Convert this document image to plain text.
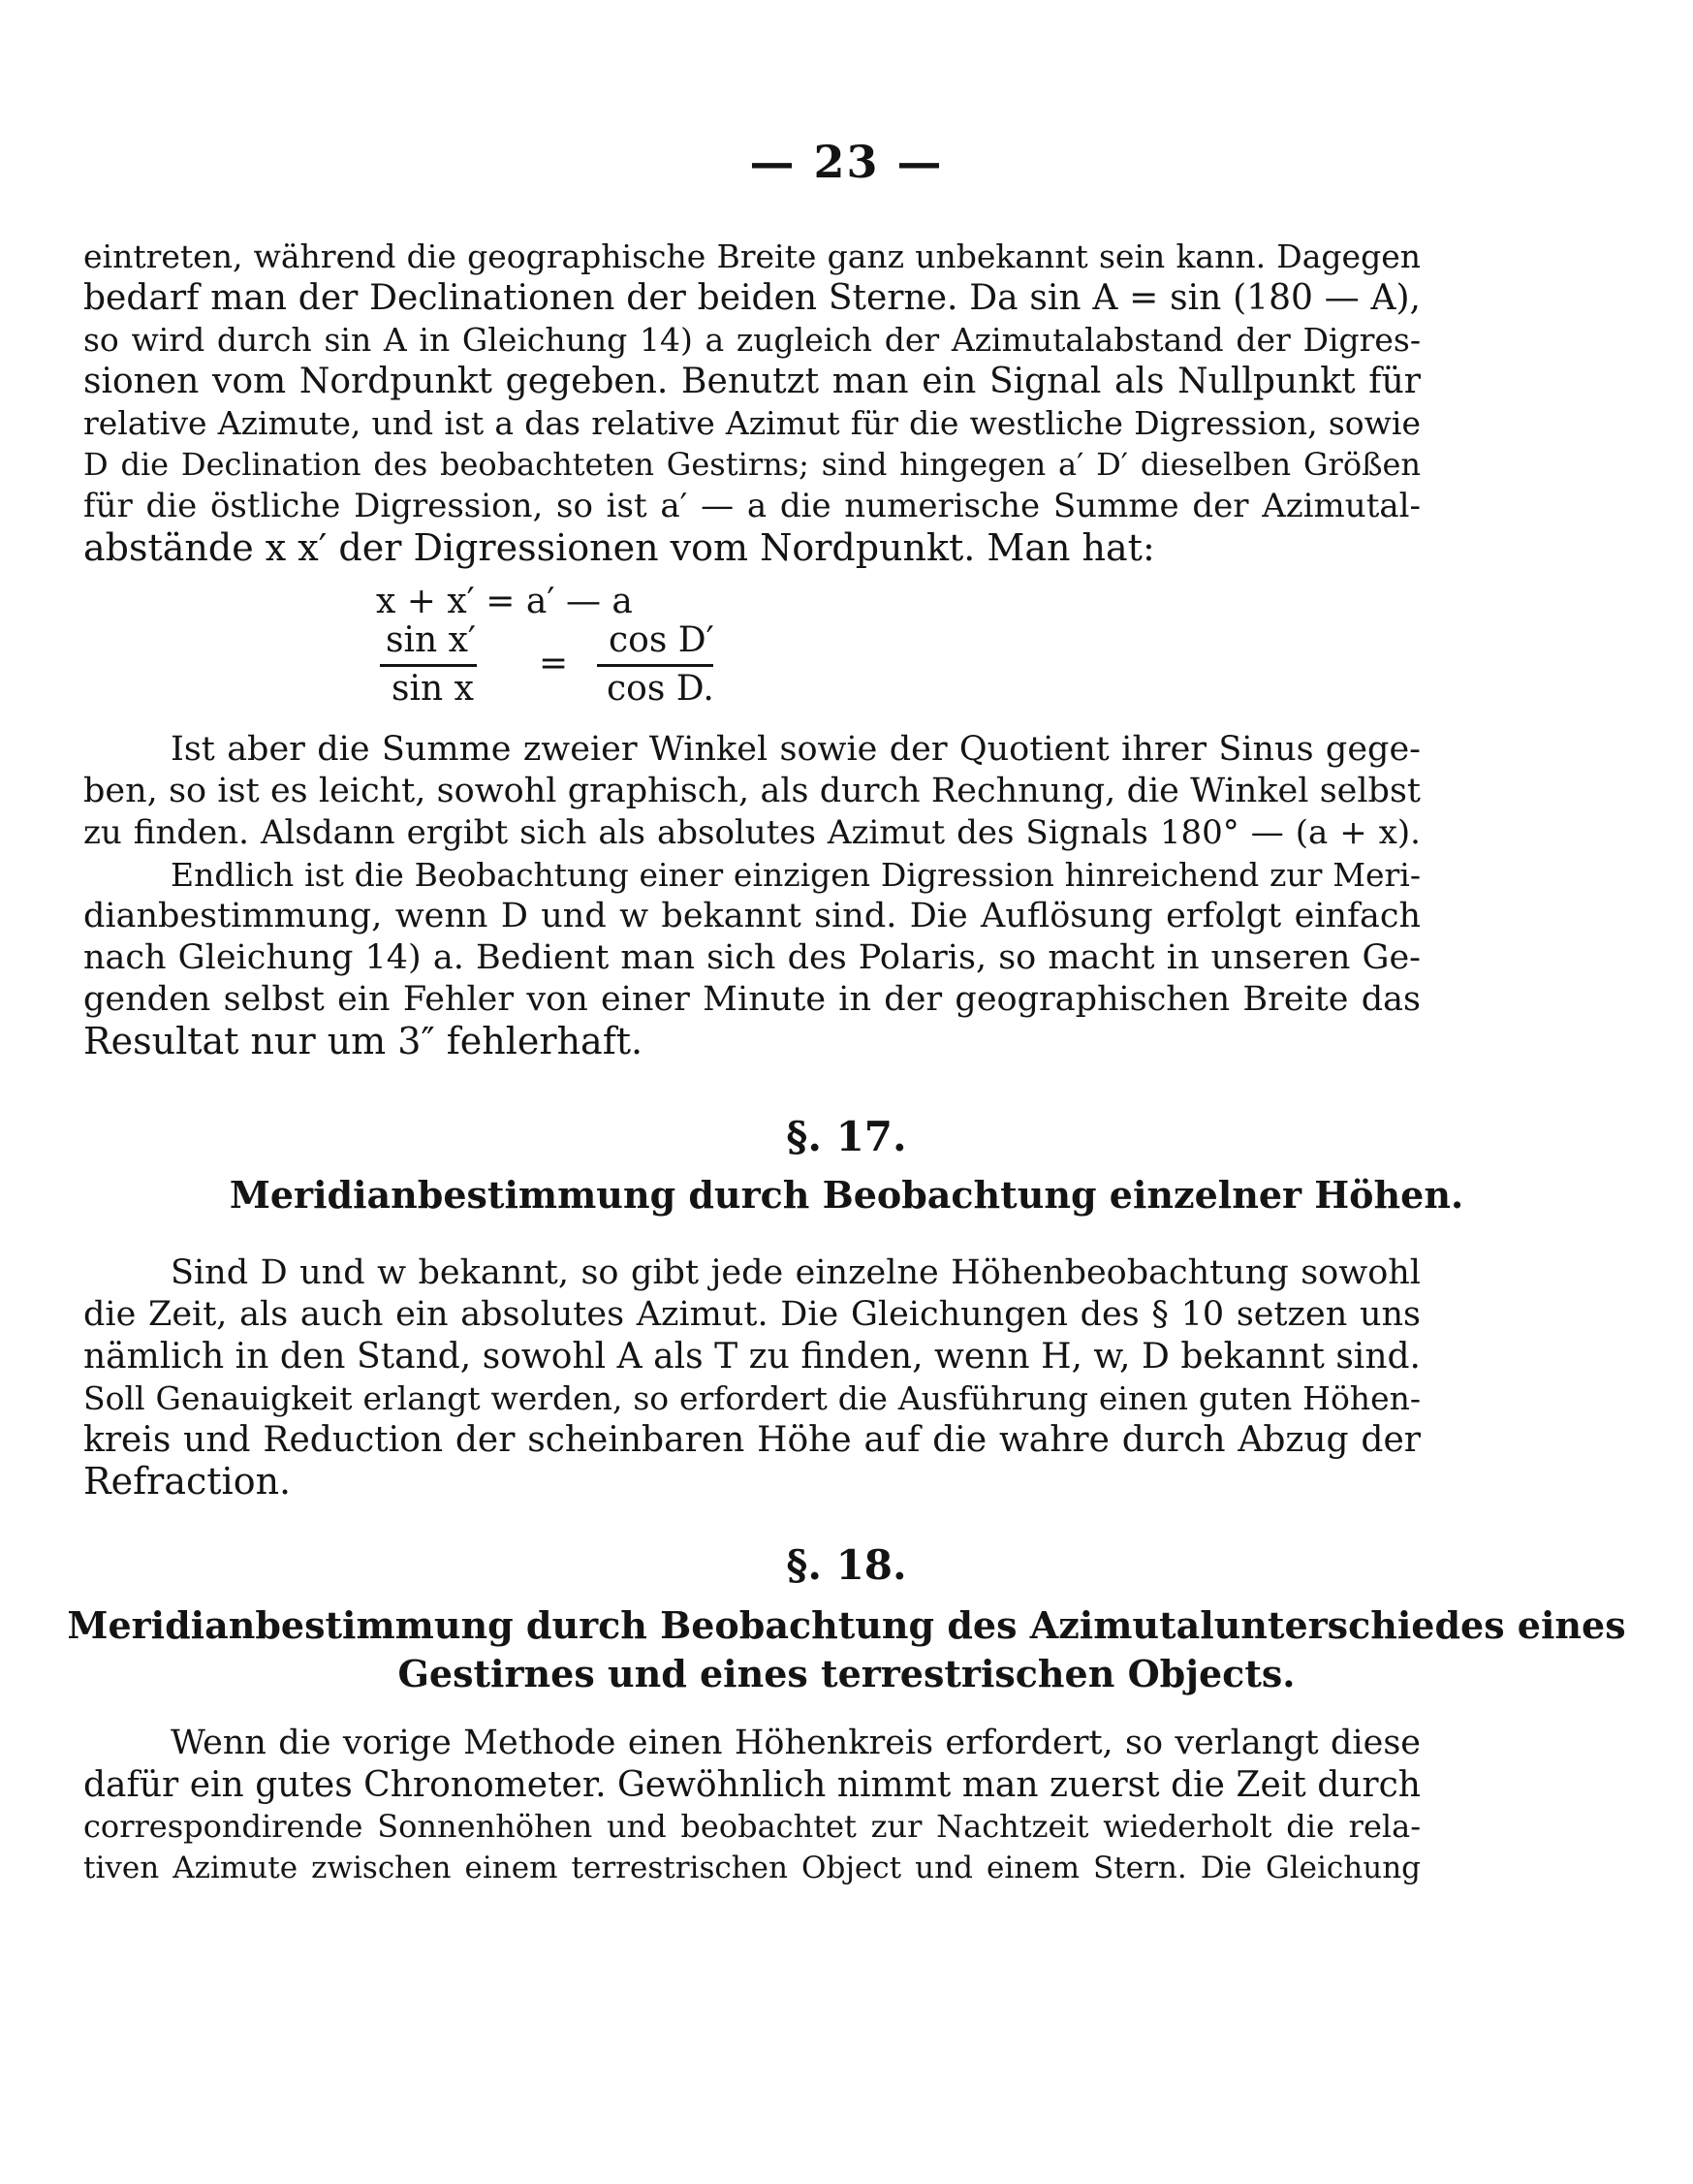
— 23 —
eintreten, während die geographische Breite ganz unbekannt sein kann. Dagegen
bedarf man der Declinationen der beiden Sterne. Da sin A = sin (180 — A),
so wird durch sin A in Gleichung 14) a zugleich der Azimutalabstand der Digres-
sionen vom Nordpunkt gegeben. Benutzt man ein Signal als Nullpunkt für
relative Azimute, und ist a das relative Azimut für die westliche Digression, sowie
D die Declination des beobachteten Gestirns; sind hingegen a′ D′ dieselben Größen
für die östliche Digression, so ist a′ — a die numerische Summe der Azimutal-
abstände x x′ der Digressionen vom Nordpunkt. Man hat:
x + x′ = a′ — a
sin x′
sin x
=
cos D′
cos D.
Ist aber die Summe zweier Winkel sowie der Quotient ihrer Sinus gege-
ben, so ist es leicht, sowohl graphisch, als durch Rechnung, die Winkel selbst
zu finden. Alsdann ergibt sich als absolutes Azimut des Signals 180° — (a + x).
Endlich ist die Beobachtung einer einzigen Digression hinreichend zur Meri-
dianbestimmung, wenn D und w bekannt sind. Die Auflösung erfolgt einfach
nach Gleichung 14) a. Bedient man sich des Polaris, so macht in unseren Ge-
genden selbst ein Fehler von einer Minute in der geographischen Breite das
Resultat nur um 3″ fehlerhaft.
§. 17.
Meridianbestimmung durch Beobachtung einzelner Höhen.
Sind D und w bekannt, so gibt jede einzelne Höhenbeobachtung sowohl
die Zeit, als auch ein absolutes Azimut. Die Gleichungen des § 10 setzen uns
nämlich in den Stand, sowohl A als T zu finden, wenn H, w, D bekannt sind.
Soll Genauigkeit erlangt werden, so erfordert die Ausführung einen guten Höhen-
kreis und Reduction der scheinbaren Höhe auf die wahre durch Abzug der
Refraction.
§. 18.
Meridianbestimmung durch Beobachtung des Azimutalunterschiedes eines
Gestirnes und eines terrestrischen Objects.
Wenn die vorige Methode einen Höhenkreis erfordert, so verlangt diese
dafür ein gutes Chronometer. Gewöhnlich nimmt man zuerst die Zeit durch
correspondirende Sonnenhöhen und beobachtet zur Nachtzeit wiederholt die rela-
tiven Azimute zwischen einem terrestrischen Object und einem Stern. Die Gleichung
